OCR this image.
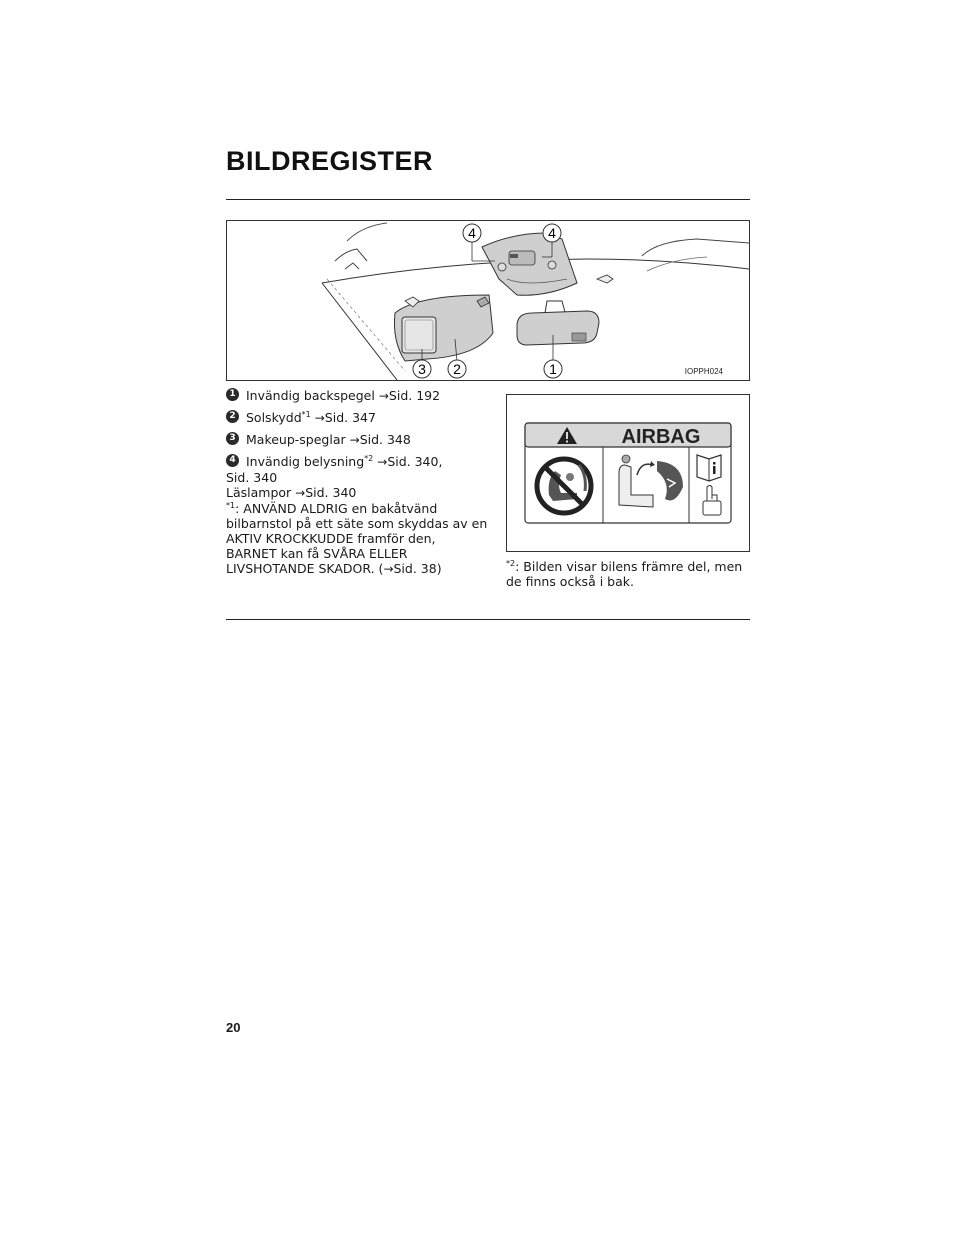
BILDREGISTER
4	4
3 2	1	IOPPH024
1 Invändig backspegel →Sid. 192
2 Solskydd$^{*1}$ →Sid. 347
3 Makeup-speglar →Sid. 348
4 Invändig belysning$^{*2}$ →Sid. 340,
Sid. 340
Läslampor →Sid. 340

$^{*1}$: ANVÄND ALDRIG en bakåtvänd bilbarnstol på ett säte som skyddas av en AKTIV KROCKKUDDE framför den, BARNET kan få SVÅRA ELLER LIVSHOTANDE SKADOR. (→Sid. 38)

AIRBAG

$^{*2}$: Bilden visar bilens främre del, men de finns också i bak.

20
